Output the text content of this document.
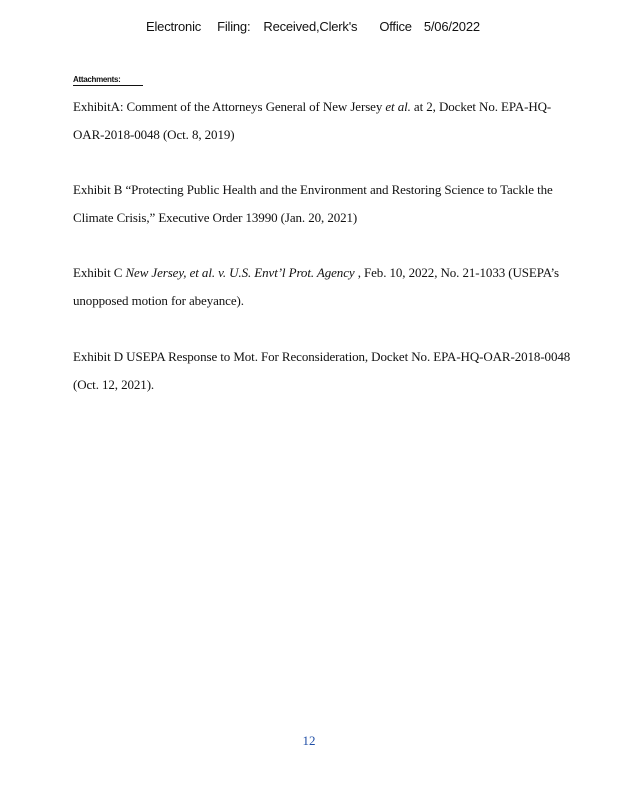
Electronic Filing: Received,Clerk's Office 5/06/2022
Attachments:
ExhibitA: Comment of the Attorneys General of New Jersey et al. at 2, Docket No. EPA-HQ-
OAR-2018-0048 (Oct. 8, 2019)
Exhibit B “Protecting Public Health and the Environment and Restoring Science to Tackle the
Climate Crisis,” Executive Order 13990 (Jan. 20, 2021)
Exhibit C New Jersey, et al. v. U.S. Envt’l Prot. Agency , Feb. 10, 2022, No. 21-1033 (USEPA’s
unopposed motion for abeyance).
Exhibit D USEPA Response to Mot. For Reconsideration, Docket No. EPA-HQ-OAR-2018-0048
(Oct. 12, 2021).
12
